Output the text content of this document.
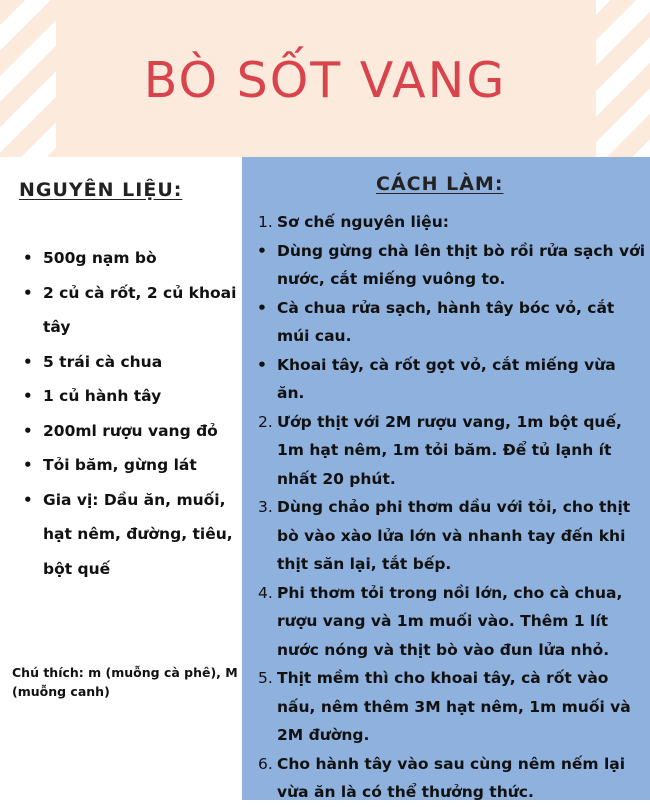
BÒ SỐT VANG
NGUYÊN LIỆU:
• 500g nạm bò
• 2 củ cà rốt, 2 củ khoai tây
• 5 trái cà chua
• 1 củ hành tây
• 200ml rượu vang đỏ
• Tỏi băm, gừng lát
• Gia vị: Dầu ăn, muối, hạt nêm, đường, tiêu, bột quế
Chú thích: m (muỗng cà phê), M (muỗng canh)
CÁCH LÀM:
1. Sơ chế nguyên liệu:
• Dùng gừng chà lên thịt bò rồi rửa sạch với nước, cắt miếng vuông to.
• Cà chua rửa sạch, hành tây bóc vỏ, cắt múi cau.
• Khoai tây, cà rốt gọt vỏ, cắt miếng vừa ăn.
2. Ướp thịt với 2M rượu vang, 1m bột quế, 1m hạt nêm, 1m tỏi băm. Để tủ lạnh ít nhất 20 phút.
3. Dùng chảo phi thơm dầu với tỏi, cho thịt bò vào xào lửa lớn và nhanh tay đến khi thịt săn lại, tắt bếp.
4. Phi thơm tỏi trong nồi lớn, cho cà chua, rượu vang và 1m muối vào. Thêm 1 lít nước nóng và thịt bò vào đun lửa nhỏ.
5. Thịt mềm thì cho khoai tây, cà rốt vào nấu, nêm thêm 3M hạt nêm, 1m muối và 2M đường.
6. Cho hành tây vào sau cùng nêm nếm lại vừa ăn là có thể thưởng thức.
